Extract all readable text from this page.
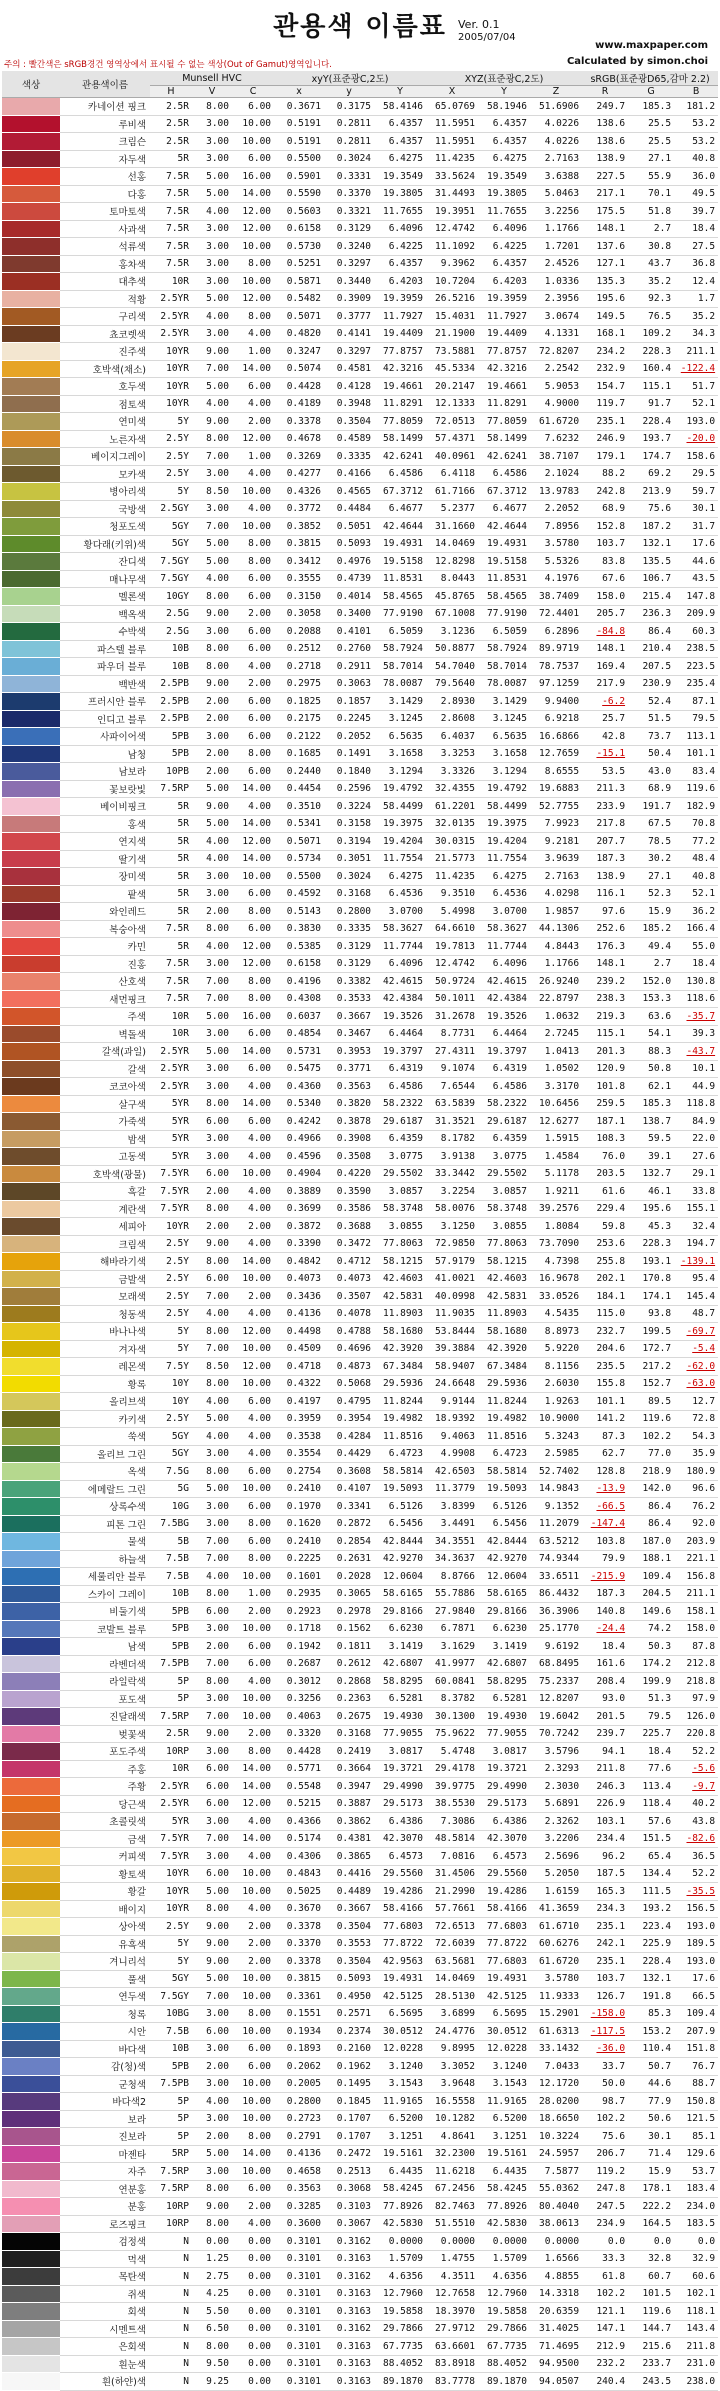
관용색 이름표	Ver. 0.1
2005/07/04
www.maxpaper.com
주의 : 빨간색은 sRGB경건 영역상에서 표시될 수 없는 색상(Out of Gamut)영역입니다.	Calculated by simon.choi
색상	관용색이름	Munsell HVC			xyY(표준광C,2도)			XYZ(표준광C,2도)			sRGB(표준광D65,감마 2.2)		
		H	V	C	x	y	Y	X	Y	Z	R	G	B
	카네이션 핑크	2.5R	8.00	6.00	0.3671	0.3175	58.4146	65.0769	58.1946	51.6906	249.7	185.3	181.2
	루비색	2.5R	3.00	10.00	0.5191	0.2811	6.4357	11.5951	6.4357	4.0226	138.6	25.5	53.2
	크림슨	2.5R	3.00	10.00	0.5191	0.2811	6.4357	11.5951	6.4357	4.0226	138.6	25.5	53.2
	자두색	5R	3.00	6.00	0.5500	0.3024	6.4275	11.4235	6.4275	2.7163	138.9	27.1	40.8
	선홍	7.5R	5.00	16.00	0.5901	0.3331	19.3549	33.5624	19.3549	3.6388	227.5	55.9	36.0
	다홍	7.5R	5.00	14.00	0.5590	0.3370	19.3805	31.4493	19.3805	5.0463	217.1	70.1	49.5
	토마토색	7.5R	4.00	12.00	0.5603	0.3321	11.7655	19.3951	11.7655	3.2256	175.5	51.8	39.7
	사과색	7.5R	3.00	12.00	0.6158	0.3129	6.4096	12.4742	6.4096	1.1766	148.1	2.7	18.4
	석류색	7.5R	3.00	10.00	0.5730	0.3240	6.4225	11.1092	6.4225	1.7201	137.6	30.8	27.5
	홍차색	7.5R	3.00	8.00	0.5251	0.3297	6.4357	9.3962	6.4357	2.4526	127.1	43.7	36.8
	대추색	10R	3.00	10.00	0.5871	0.3440	6.4203	10.7204	6.4203	1.0336	135.3	35.2	12.4
	적황	2.5YR	5.00	12.00	0.5482	0.3909	19.3959	26.5216	19.3959	2.3956	195.6	92.3	1.7
	구리색	2.5YR	4.00	8.00	0.5071	0.3777	11.7927	15.4031	11.7927	3.0674	149.5	76.5	35.2
	쵸코렛색	2.5YR	3.00	4.00	0.4820	0.4141	19.4409	21.1900	19.4409	4.1331	168.1	109.2	34.3
	진주색	10YR	9.00	1.00	0.3247	0.3297	77.8757	73.5881	77.8757	72.8207	234.2	228.3	211.1
	호박색(채소)	10YR	7.00	14.00	0.5074	0.4581	42.3216	45.5334	42.3216	2.2542	232.9	160.4	-122.4
	호두색	10YR	5.00	6.00	0.4428	0.4128	19.4661	20.2147	19.4661	5.9053	154.7	115.1	51.7
	점토색	10YR	4.00	4.00	0.4189	0.3948	11.8291	12.1333	11.8291	4.9000	119.7	91.7	52.1
	연미색	5Y	9.00	2.00	0.3378	0.3504	77.8059	72.0513	77.8059	61.6720	235.1	228.4	193.0
	노른자색	2.5Y	8.00	12.00	0.4678	0.4589	58.1499	57.4371	58.1499	7.6232	246.9	193.7	-20.0
	베이지그레이	2.5Y	7.00	1.00	0.3269	0.3335	42.6241	40.0961	42.6241	38.7107	179.1	174.7	158.6
	모카색	2.5Y	3.00	4.00	0.4277	0.4166	6.4586	6.4118	6.4586	2.1024	88.2	69.2	29.5
	병아리색	5Y	8.50	10.00	0.4326	0.4565	67.3712	61.7166	67.3712	13.9783	242.8	213.9	59.7
	국방색	2.5GY	3.00	4.00	0.3772	0.4484	6.4677	5.2377	6.4677	2.2052	68.9	75.6	30.1
	청포도색	5GY	7.00	10.00	0.3852	0.5051	42.4644	31.1660	42.4644	7.8956	152.8	187.2	31.7
	황다래(키위)색	5GY	5.00	8.00	0.3815	0.5093	19.4931	14.0469	19.4931	3.5780	103.7	132.1	17.6
	잔디색	7.5GY	5.00	8.00	0.3412	0.4976	19.5158	12.8298	19.5158	5.5326	83.8	135.5	44.6
	매나무색	7.5GY	4.00	6.00	0.3555	0.4739	11.8531	8.0443	11.8531	4.1976	67.6	106.7	43.5
	멜론색	10GY	8.00	6.00	0.3150	0.4014	58.4565	45.8765	58.4565	38.7409	158.0	215.4	147.8
	백옥색	2.5G	9.00	2.00	0.3058	0.3400	77.9190	67.1008	77.9190	72.4401	205.7	236.3	209.9
	수박색	2.5G	3.00	6.00	0.2088	0.4101	6.5059	3.1236	6.5059	6.2896	-84.8	86.4	60.3
	파스텔 블루	10B	8.00	6.00	0.2512	0.2760	58.7924	50.8877	58.7924	89.9719	148.1	210.4	238.5
	파우더 블루	10B	8.00	4.00	0.2718	0.2911	58.7014	54.7040	58.7014	78.7537	169.4	207.5	223.5
	백반색	2.5PB	9.00	2.00	0.2975	0.3063	78.0087	79.5640	78.0087	97.1259	217.9	230.9	235.4
	프러시안 블루	2.5PB	2.00	6.00	0.1825	0.1857	3.1429	2.8930	3.1429	9.9400	-6.2	52.4	87.1
	인디고 블루	2.5PB	2.00	6.00	0.2175	0.2245	3.1245	2.8608	3.1245	6.9218	25.7	51.5	79.5
	사파이어색	5PB	3.00	6.00	0.2122	0.2052	6.5635	6.4037	6.5635	16.6866	42.8	73.7	113.1
	남청	5PB	2.00	8.00	0.1685	0.1491	3.1658	3.3253	3.1658	12.7659	-15.1	50.4	101.1
	남보라	10PB	2.00	6.00	0.2440	0.1840	3.1294	3.3326	3.1294	8.6555	53.5	43.0	83.4
	꽃보랏빛	7.5RP	5.00	14.00	0.4454	0.2596	19.4792	32.4355	19.4792	19.6883	211.3	68.9	119.6
	베이비핑크	5R	9.00	4.00	0.3510	0.3224	58.4499	61.2201	58.4499	52.7755	233.9	191.7	182.9
	홍색	5R	5.00	14.00	0.5341	0.3158	19.3975	32.0135	19.3975	7.9923	217.8	67.5	70.8
	연지색	5R	4.00	12.00	0.5071	0.3194	19.4204	30.0315	19.4204	9.2181	207.7	78.5	77.2
	딸기색	5R	4.00	14.00	0.5734	0.3051	11.7554	21.5773	11.7554	3.9639	187.3	30.2	48.4
	장미색	5R	3.00	10.00	0.5500	0.3024	6.4275	11.4235	6.4275	2.7163	138.9	27.1	40.8
	팥색	5R	3.00	6.00	0.4592	0.3168	6.4536	9.3510	6.4536	4.0298	116.1	52.3	52.1
	와인레드	5R	2.00	8.00	0.5143	0.2800	3.0700	5.4998	3.0700	1.9857	97.6	15.9	36.2
	복숭아색	7.5R	8.00	6.00	0.3830	0.3335	58.3627	64.6610	58.3627	44.1306	252.6	185.2	166.4
	카민	5R	4.00	12.00	0.5385	0.3129	11.7744	19.7813	11.7744	4.8443	176.3	49.4	55.0
	진홍	7.5R	3.00	12.00	0.6158	0.3129	6.4096	12.4742	6.4096	1.1766	148.1	2.7	18.4
	산호색	7.5R	7.00	8.00	0.4196	0.3382	42.4615	50.9724	42.4615	26.9240	239.2	152.0	130.8
	새먼핑크	7.5R	7.00	8.00	0.4308	0.3533	42.4384	50.1011	42.4384	22.8797	238.3	153.3	118.6
	주색	10R	5.00	16.00	0.6037	0.3667	19.3526	31.2678	19.3526	1.0632	219.3	63.6	-35.7
	벽돌색	10R	3.00	6.00	0.4854	0.3467	6.4464	8.7731	6.4464	2.7245	115.1	54.1	39.3
	갈색(과일)	2.5YR	5.00	14.00	0.5731	0.3953	19.3797	27.4311	19.3797	1.0413	201.3	88.3	-43.7
	갈색	2.5YR	3.00	6.00	0.5475	0.3771	6.4319	9.1074	6.4319	1.0502	120.9	50.8	10.1
	코코아색	2.5YR	3.00	4.00	0.4360	0.3563	6.4586	7.6544	6.4586	3.3170	101.8	62.1	44.9
	살구색	5YR	8.00	14.00	0.5340	0.3820	58.2322	63.5839	58.2322	10.6456	259.5	185.3	118.8
	가죽색	5YR	6.00	6.00	0.4242	0.3878	29.6187	31.3521	29.6187	12.6277	187.1	138.7	84.9
	밤색	5YR	3.00	4.00	0.4966	0.3908	6.4359	8.1782	6.4359	1.5915	108.3	59.5	22.0
	고동색	5YR	3.00	4.00	0.4596	0.3508	3.0775	3.9138	3.0775	1.4584	76.0	39.1	27.6
	호박색(광물)	7.5YR	6.00	10.00	0.4904	0.4220	29.5502	33.3442	29.5502	5.1178	203.5	132.7	29.1
	흑갈	7.5YR	2.00	4.00	0.3889	0.3590	3.0857	3.2254	3.0857	1.9211	61.6	46.1	33.8
	계란색	7.5YR	8.00	4.00	0.3699	0.3586	58.3748	58.0076	58.3748	39.2576	229.4	195.6	155.1
	세피아	10YR	2.00	2.00	0.3872	0.3688	3.0855	3.1250	3.0855	1.8084	59.8	45.3	32.4
	크림색	2.5Y	9.00	4.00	0.3390	0.3472	77.8063	72.9850	77.8063	73.7090	253.6	228.3	194.7
	해바라기색	2.5Y	8.00	14.00	0.4842	0.4712	58.1215	57.9179	58.1215	4.7398	255.8	193.1	-139.1
	금발색	2.5Y	6.00	10.00	0.4073	0.4073	42.4603	41.0021	42.4603	16.9678	202.1	170.8	95.4
	모래색	2.5Y	7.00	2.00	0.3436	0.3507	42.5831	40.0998	42.5831	33.0526	184.1	174.1	145.4
	청동색	2.5Y	4.00	4.00	0.4136	0.4078	11.8903	11.9035	11.8903	4.5435	115.0	93.8	48.7
	바나나색	5Y	8.00	12.00	0.4498	0.4788	58.1680	53.8444	58.1680	8.8973	232.7	199.5	-69.7
	겨자색	5Y	7.00	10.00	0.4509	0.4696	42.3920	39.3884	42.3920	5.9220	204.6	172.7	-5.4
	레몬색	7.5Y	8.50	12.00	0.4718	0.4873	67.3484	58.9407	67.3484	8.1156	235.5	217.2	-62.0
	황록	10Y	8.00	10.00	0.4322	0.5068	29.5936	24.6648	29.5936	2.6030	155.8	152.7	-63.0
	올리브색	10Y	4.00	6.00	0.4197	0.4795	11.8244	9.9144	11.8244	1.9263	101.1	89.5	12.7
	카키색	2.5Y	5.00	4.00	0.3959	0.3954	19.4982	18.9392	19.4982	10.9000	141.2	119.6	72.8
	쑥색	5GY	4.00	4.00	0.3538	0.4284	11.8516	9.4063	11.8516	5.3243	87.3	102.2	54.3
	올리브 그린	5GY	3.00	4.00	0.3554	0.4429	6.4723	4.9908	6.4723	2.5985	62.7	77.0	35.9
	옥색	7.5G	8.00	6.00	0.2754	0.3608	58.5814	42.6503	58.5814	52.7402	128.8	218.9	180.9
	에메랄드 그린	5G	5.00	10.00	0.2410	0.4107	19.5093	11.3779	19.5093	14.9843	-13.9	142.0	96.6
	상록수색	10G	3.00	6.00	0.1970	0.3341	6.5126	3.8399	6.5126	9.1352	-66.5	86.4	76.2
	피톤 그린	7.5BG	3.00	8.00	0.1620	0.2872	6.5456	3.4491	6.5456	11.2079	-147.4	86.4	92.0
	물색	5B	7.00	6.00	0.2410	0.2854	42.8444	34.3551	42.8444	63.5212	103.8	187.0	203.9
	하늘색	7.5B	7.00	8.00	0.2225	0.2631	42.9270	34.3637	42.9270	74.9344	79.9	188.1	221.1
	세룰리안 블루	7.5B	4.00	10.00	0.1601	0.2028	12.0604	8.8766	12.0604	33.6511	-215.9	109.4	156.8
	스카이 그레이	10B	8.00	1.00	0.2935	0.3065	58.6165	55.7886	58.6165	86.4432	187.3	204.5	211.1
	비둘기색	5PB	6.00	2.00	0.2923	0.2978	29.8166	27.9840	29.8166	36.3906	140.8	149.6	158.1
	코발트 블루	5PB	3.00	10.00	0.1718	0.1562	6.6230	6.7871	6.6230	25.1770	-24.4	74.2	158.0
	남색	5PB	2.00	6.00	0.1942	0.1811	3.1419	3.1629	3.1419	9.6192	18.4	50.3	87.8
	라벤더색	7.5PB	7.00	6.00	0.2687	0.2612	42.6807	41.9977	42.6807	68.8495	161.6	174.2	212.8
	라일락색	5P	8.00	4.00	0.3012	0.2868	58.8295	60.0841	58.8295	75.2337	208.4	199.9	218.8
	포도색	5P	3.00	10.00	0.3256	0.2363	6.5281	8.3782	6.5281	12.8207	93.0	51.3	97.9
	진달래색	7.5RP	7.00	10.00	0.4063	0.2675	19.4930	30.1300	19.4930	19.6042	201.5	79.5	126.0
	벚꽃색	2.5R	9.00	2.00	0.3320	0.3168	77.9055	75.9622	77.9055	70.7242	239.7	225.7	220.8
	포도주색	10RP	3.00	8.00	0.4428	0.2419	3.0817	5.4748	3.0817	3.5796	94.1	18.4	52.2
	주홍	10R	6.00	14.00	0.5771	0.3664	19.3721	29.4178	19.3721	2.3293	211.8	77.6	-5.6
	주황	2.5YR	6.00	14.00	0.5548	0.3947	29.4990	39.9775	29.4990	2.3030	246.3	113.4	-9.7
	당근색	2.5YR	6.00	12.00	0.5215	0.3887	29.5173	38.5530	29.5173	5.6891	226.9	118.4	40.2
	초콜릿색	5YR	3.00	4.00	0.4366	0.3862	6.4386	7.3086	6.4386	2.3262	103.1	57.6	43.8
	금색	7.5YR	7.00	14.00	0.5174	0.4381	42.3070	48.5814	42.3070	3.2206	234.4	151.5	-82.6
	커피색	7.5YR	3.00	4.00	0.4306	0.3865	6.4573	7.0816	6.4573	2.5696	96.2	65.4	36.5
	황토색	10YR	6.00	10.00	0.4843	0.4416	29.5560	31.4506	29.5560	5.2050	187.5	134.4	52.2
	황갈	10YR	5.00	10.00	0.5025	0.4489	19.4286	21.2990	19.4286	1.6159	165.3	111.5	-35.5
	배이지	10YR	8.00	4.00	0.3670	0.3667	58.4166	57.7661	58.4166	41.3659	234.3	193.2	156.5
	상아색	2.5Y	9.00	2.00	0.3378	0.3504	77.6803	72.6513	77.6803	61.6710	235.1	223.4	193.0
	유흑색	5Y	9.00	2.00	0.3370	0.3553	77.8722	72.6039	77.8722	60.6276	242.1	225.9	189.5
	겨니리석	5Y	9.00	2.00	0.3378	0.3504	42.9563	63.5681	77.6803	61.6720	235.1	228.4	193.0
	풀색	5GY	5.00	10.00	0.3815	0.5093	19.4931	14.0469	19.4931	3.5780	103.7	132.1	17.6
	연두색	7.5GY	7.00	10.00	0.3361	0.4950	42.5125	28.5130	42.5125	11.9333	126.7	191.8	66.5
	청록	10BG	3.00	8.00	0.1551	0.2571	6.5695	3.6899	6.5695	15.2901	-158.0	85.3	109.4
	시안	7.5B	6.00	10.00	0.1934	0.2374	30.0512	24.4776	30.0512	61.6313	-117.5	153.2	207.9
	바다색	10B	3.00	6.00	0.1893	0.2160	12.0228	9.8995	12.0228	33.1432	-36.0	110.4	151.8
	감(청)색	5PB	2.00	6.00	0.2062	0.1962	3.1240	3.3052	3.1240	7.0433	33.7	50.7	76.7
	군청색	7.5PB	3.00	10.00	0.2005	0.1495	3.1543	3.9648	3.1543	12.1720	50.0	44.6	88.7
	바다색2	5P	4.00	10.00	0.2800	0.1845	11.9165	16.5558	11.9165	28.0200	98.7	77.9	150.8
	보라	5P	3.00	10.00	0.2723	0.1707	6.5200	10.1282	6.5200	18.6650	102.2	50.6	121.5
	진보라	5P	2.00	8.00	0.2791	0.1707	3.1251	4.8641	3.1251	10.3224	75.6	30.1	85.1
	마젠타	5RP	5.00	14.00	0.4136	0.2472	19.5161	32.2300	19.5161	24.5957	206.7	71.4	129.6
	자주	7.5RP	3.00	10.00	0.4658	0.2513	6.4435	11.6218	6.4435	7.5877	119.2	15.9	53.7
	연분홍	7.5RP	8.00	6.00	0.3563	0.3068	58.4245	67.2456	58.4245	55.0362	247.8	178.1	183.4
	분홍	10RP	9.00	2.00	0.3285	0.3103	77.8926	82.7463	77.8926	80.4040	247.5	222.2	234.0
	로즈핑크	10RP	8.00	4.00	0.3600	0.3067	42.5830	51.5510	42.5830	38.0613	234.9	164.5	183.5
	검정색	N	0.00	0.00	0.3101	0.3162	0.0000	0.0000	0.0000	0.0000	0.0	0.0	0.0
	먹색	N	1.25	0.00	0.3101	0.3163	1.5709	1.4755	1.5709	1.6566	33.3	32.8	32.9
	목탄색	N	2.75	0.00	0.3101	0.3162	4.6356	4.3511	4.6356	4.8855	61.8	60.7	60.6
	쥐색	N	4.25	0.00	0.3101	0.3163	12.7960	12.7658	12.7960	14.3318	102.2	101.5	102.1
	회색	N	5.50	0.00	0.3101	0.3163	19.5858	18.3970	19.5858	20.6359	121.1	119.6	118.1
	시멘트색	N	6.50	0.00	0.3101	0.3162	29.7866	27.9712	29.7866	31.4025	147.1	144.7	143.4
	은회색	N	8.00	0.00	0.3101	0.3163	67.7735	63.6601	67.7735	71.4695	212.9	215.6	211.8
	흰눈색	N	9.50	0.00	0.3101	0.3163	88.4052	83.8918	88.4052	94.9500	232.2	233.7	231.0
	흰(하얀)색	N	9.25	0.00	0.3101	0.3163	89.1870	83.7778	89.1870	94.0507	240.4	243.5	238.0
